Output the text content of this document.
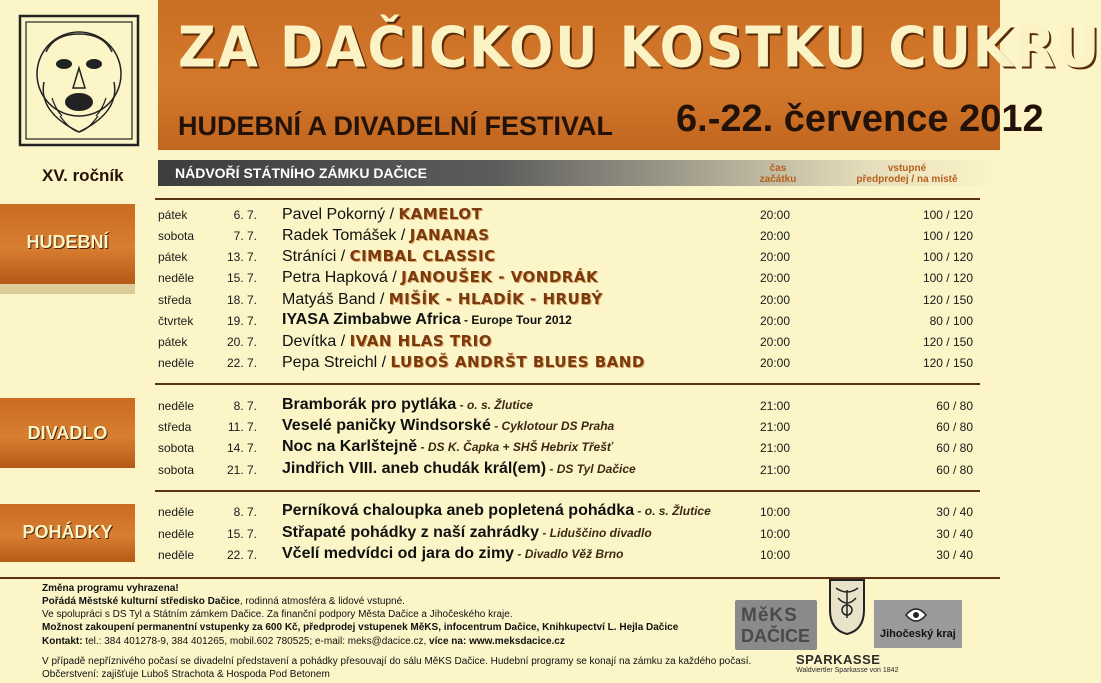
ZA DAČICKOU KOSTKU CUKRU
HUDEBNÍ A DIVADELNÍ FESTIVAL 6.-22. července 2012
XV. ročník	NÁDVOŘÍ STÁTNÍHO ZÁMKU DAČICE	čas
začátku
vstupné
předprodej / na místě
HUDEBNÍ
DIVADLO
POHÁDKY
pátek	6. 7. Pavel Pokorný / KAMELOT	20:00	100 / 120
sobota	7. 7. Radek Tomášek / JANANAS	20:00	100 / 120
pátek	13. 7. Stráníci / CIMBAL CLASSIC	20:00	100 / 120
neděle	15. 7. Petra Hapková / JANOUŠEK - VONDRÁK	20:00	100 / 120
středa	18. 7. Matyáš Band / MIŠÍK - HLADÍK - HRUBÝ	20:00	120 / 150
čtvrtek	19. 7. IYASA Zimbabwe Africa - Europe Tour 2012	20:00	80 / 100
pátek	20. 7. Devítka / IVAN HLAS TRIO	20:00	120 / 150
neděle	22. 7. Pepa Streichl / LUBOŠ ANDRŠT BLUES BAND	20:00	120 / 150
neděle	8. 7. Bramborák pro pytláka - o. s. Žlutice	21:00	60 / 80
středa	11. 7. Veselé paničky Windsorské - Cyklotour DS Praha	21:00	60 / 80
sobota	14. 7. Noc na Karlštejně - DS K. Čapka + SHŠ Hebrix Třešť	21:00	60 / 80
sobota	21. 7. Jindřich VIII. aneb chudák král(em) - DS Tyl Dačice	21:00	60 / 80
neděle	8. 7. Perníková chaloupka aneb popletená pohádka - o. s. Žlutice	10:00	30 / 40
neděle	15. 7. Střapaté pohádky z naší zahrádky - Liduščino divadlo	10:00	30 / 40
neděle	22. 7. Včelí medvídci od jara do zimy - Divadlo Věž Brno	10:00	30 / 40
Změna programu vyhrazena!
Pořádá Městské kulturní středisko Dačice, rodinná atmosféra & lidové vstupné.
Ve spolupráci s DS Tyl a Státním zámkem Dačice. Za finanční podpory Města Dačice a Jihočeského kraje.
Možnost zakoupení permanentní vstupenky za 600 Kč, předprodej vstupenek MěKS, infocentrum Dačice, Knihkupectví L. Hejla Dačice
Kontakt: tel.: 384 401278-9, 384 401265, mobil.602 780525; e-mail: meks@dacice.cz, více na: www.meksdacice.cz
V případě nepříznivého počasí se divadelní představení a pohádky přesouvají do sálu MěKS Dačice. Hudební programy se konají na zámku za každého počasí.
Občerstvení: zajišťuje Luboš Strachota & Hospoda Pod Betonem
MěKS
DAČICE	Jihočeský kraj
SPARKASSE
Waldviertler Sparkasse von 1842
